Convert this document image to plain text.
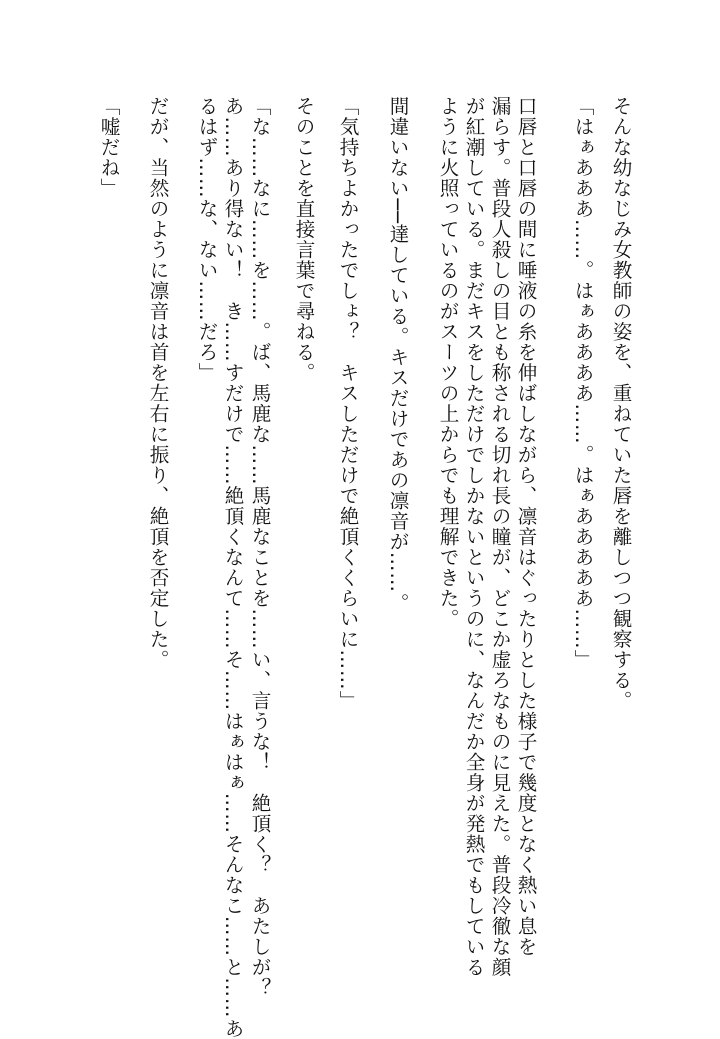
そんな幼なじみ女教師の姿を、重ねていた唇を離しつつ観察する。
「はぁあああ……。はぁああああ……。はぁあああああ……」
口唇と口唇の間に唾液の糸を伸ばしながら、凛音はぐったりとした様子で幾度となく熱い息を
漏らす。普段人殺しの目とも称される切れ長の瞳が、どこか虚ろなものに見えた。普段冷徹な顔
が紅潮している。まだキスをしただけでしかないというのに、なんだか全身が発熱でもしている
ように火照っているのがスーツの上からでも理解できた。
間違いない──達している。キスだけであの凛音が……。
「気持ちよかったでしょ？　キスしただけで絶頂くくらいに……」
そのことを直接言葉で尋ねる。
「な……なに……を……。ば、馬鹿な……馬鹿なことを……い、言うな！　絶頂く？　あたしが？
あ……あり得ない！　き……すだけで……絶頂くなんて……そ……はぁはぁ……そんなこ……と……あ
るはず……な、ない……だろ」
だが、当然のように凛音は首を左右に振り、絶頂を否定した。
「嘘だね」
